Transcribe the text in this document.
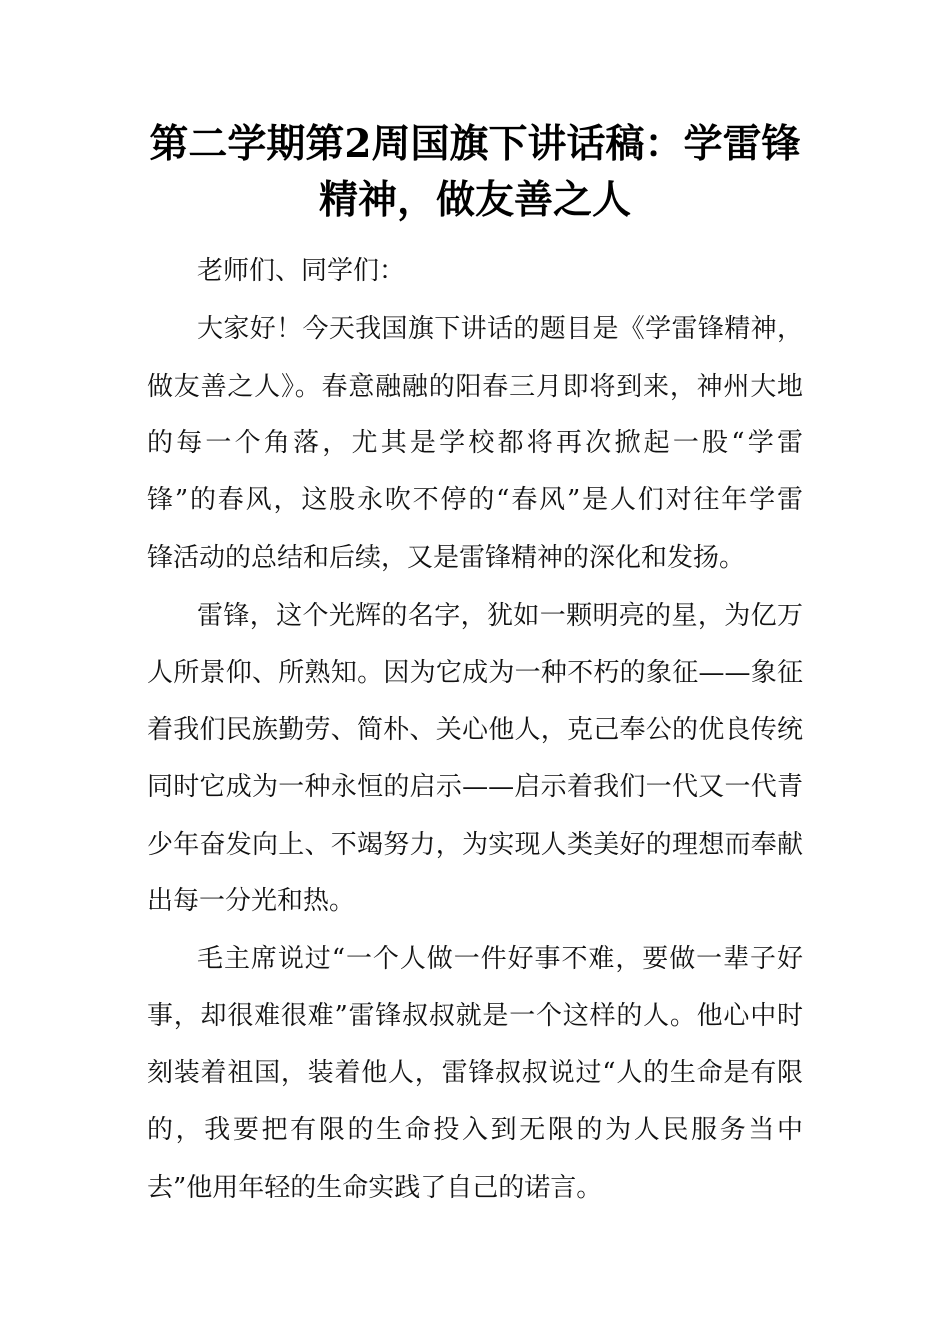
第二学期第2周国旗下讲话稿：学雷锋
精神，做友善之人
老师们、同学们：
大家好！今天我国旗下讲话的题目是《学雷锋精神，
做友善之人》。春意融融的阳春三月即将到来，神州大地
的每一个角落，尤其是学校都将再次掀起一股“学雷
锋”的春风，这股永吹不停的“春风”是人们对往年学雷
锋活动的总结和后续，又是雷锋精神的深化和发扬。
雷锋，这个光辉的名字，犹如一颗明亮的星，为亿万
人所景仰、所熟知。因为它成为一种不朽的象征——象征
着我们民族勤劳、简朴、关心他人，克己奉公的优良传统
同时它成为一种永恒的启示——启示着我们一代又一代青
少年奋发向上、不竭努力，为实现人类美好的理想而奉献
出每一分光和热。
毛主席说过“一个人做一件好事不难，要做一辈子好
事，却很难很难”雷锋叔叔就是一个这样的人。他心中时
刻装着祖国，装着他人，雷锋叔叔说过“人的生命是有限
的，我要把有限的生命投入到无限的为人民服务当中
去”他用年轻的生命实践了自己的诺言。
